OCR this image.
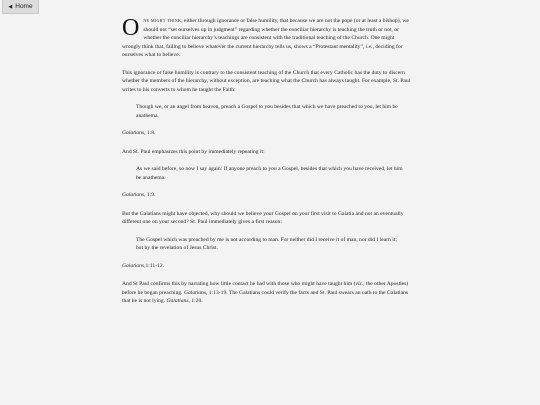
◀ Home

One might think, either through ignorance or false humility, that because we are not the pope (or at least a bishop), we should not “set ourselves up in judgment” regarding whether the conciliar hierarchy is teaching the truth or not, or whether the conciliar hierarchy’s teachings are consistent with the traditional teaching of the Church. One might wrongly think that, failing to believe whatever the current hierarchy tells us, shows a “Protestant mentality”, i.e., deciding for ourselves what to believe.

This ignorance or false humility is contrary to the consistent teaching of the Church that every Catholic has the duty to discern whether the members of the hierarchy, without exception, are teaching what the Church has always taught. For example, St. Paul writes to his converts to whom he taught the Faith:

Though we, or an angel from heaven, preach a Gospel to you besides that which we have preached to you, let him be anathema.

Galatians, 1:8.

And St. Paul emphasizes this point by immediately repeating it:

As we said before, so now I say again: If anyone preach to you a Gospel, besides that which you have received, let him be anathema.

Galatians, 1:9.

But the Galatians might have objected, why should we believe your Gospel on your first visit to Galatia and not an eventually different one on your second? St. Paul immediately gives a first reason:

The Gospel which was preached by me is not according to man. For neither did I receive it of man, nor did I learn it; but by the revelation of Jesus Christ.

Galatians,1:11-12.

And St Paul confirms this by narrating how little contact he had with those who might have taught him (viz., the other Apostles) before he began preaching. Galatians, 1:13-19. The Galatians could verify the facts and St. Paul swears an oath to the Galatians that he is not lying. Galatians, 1:20.
